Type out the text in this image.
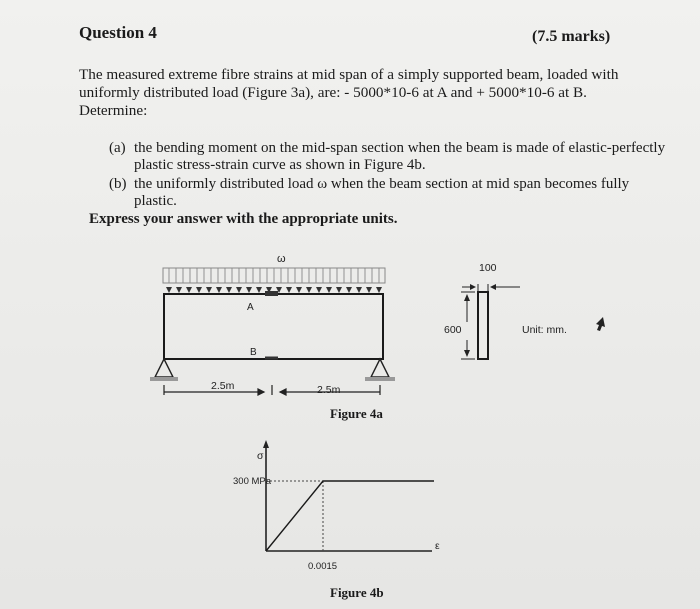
Question 4	(7.5 marks)
The measured extreme fibre strains at mid span of a simply supported beam, loaded with
uniformly distributed load (Figure 3a), are: - 5000*10-6 at A and + 5000*10-6 at B.
Determine:
(a) the bending moment on the mid-span section when the beam is made of elastic-perfectly
plastic stress-strain curve as shown in Figure 4b.
(b) the uniformly distributed load ω when the beam section at mid span becomes fully
plastic.
Express your answer with the appropriate units.
ω
A
B
2.5m	2.5m
Figure 4a
100
600	Unit: mm.
σ
ε
300 MPa
0.0015
Figure 4b
